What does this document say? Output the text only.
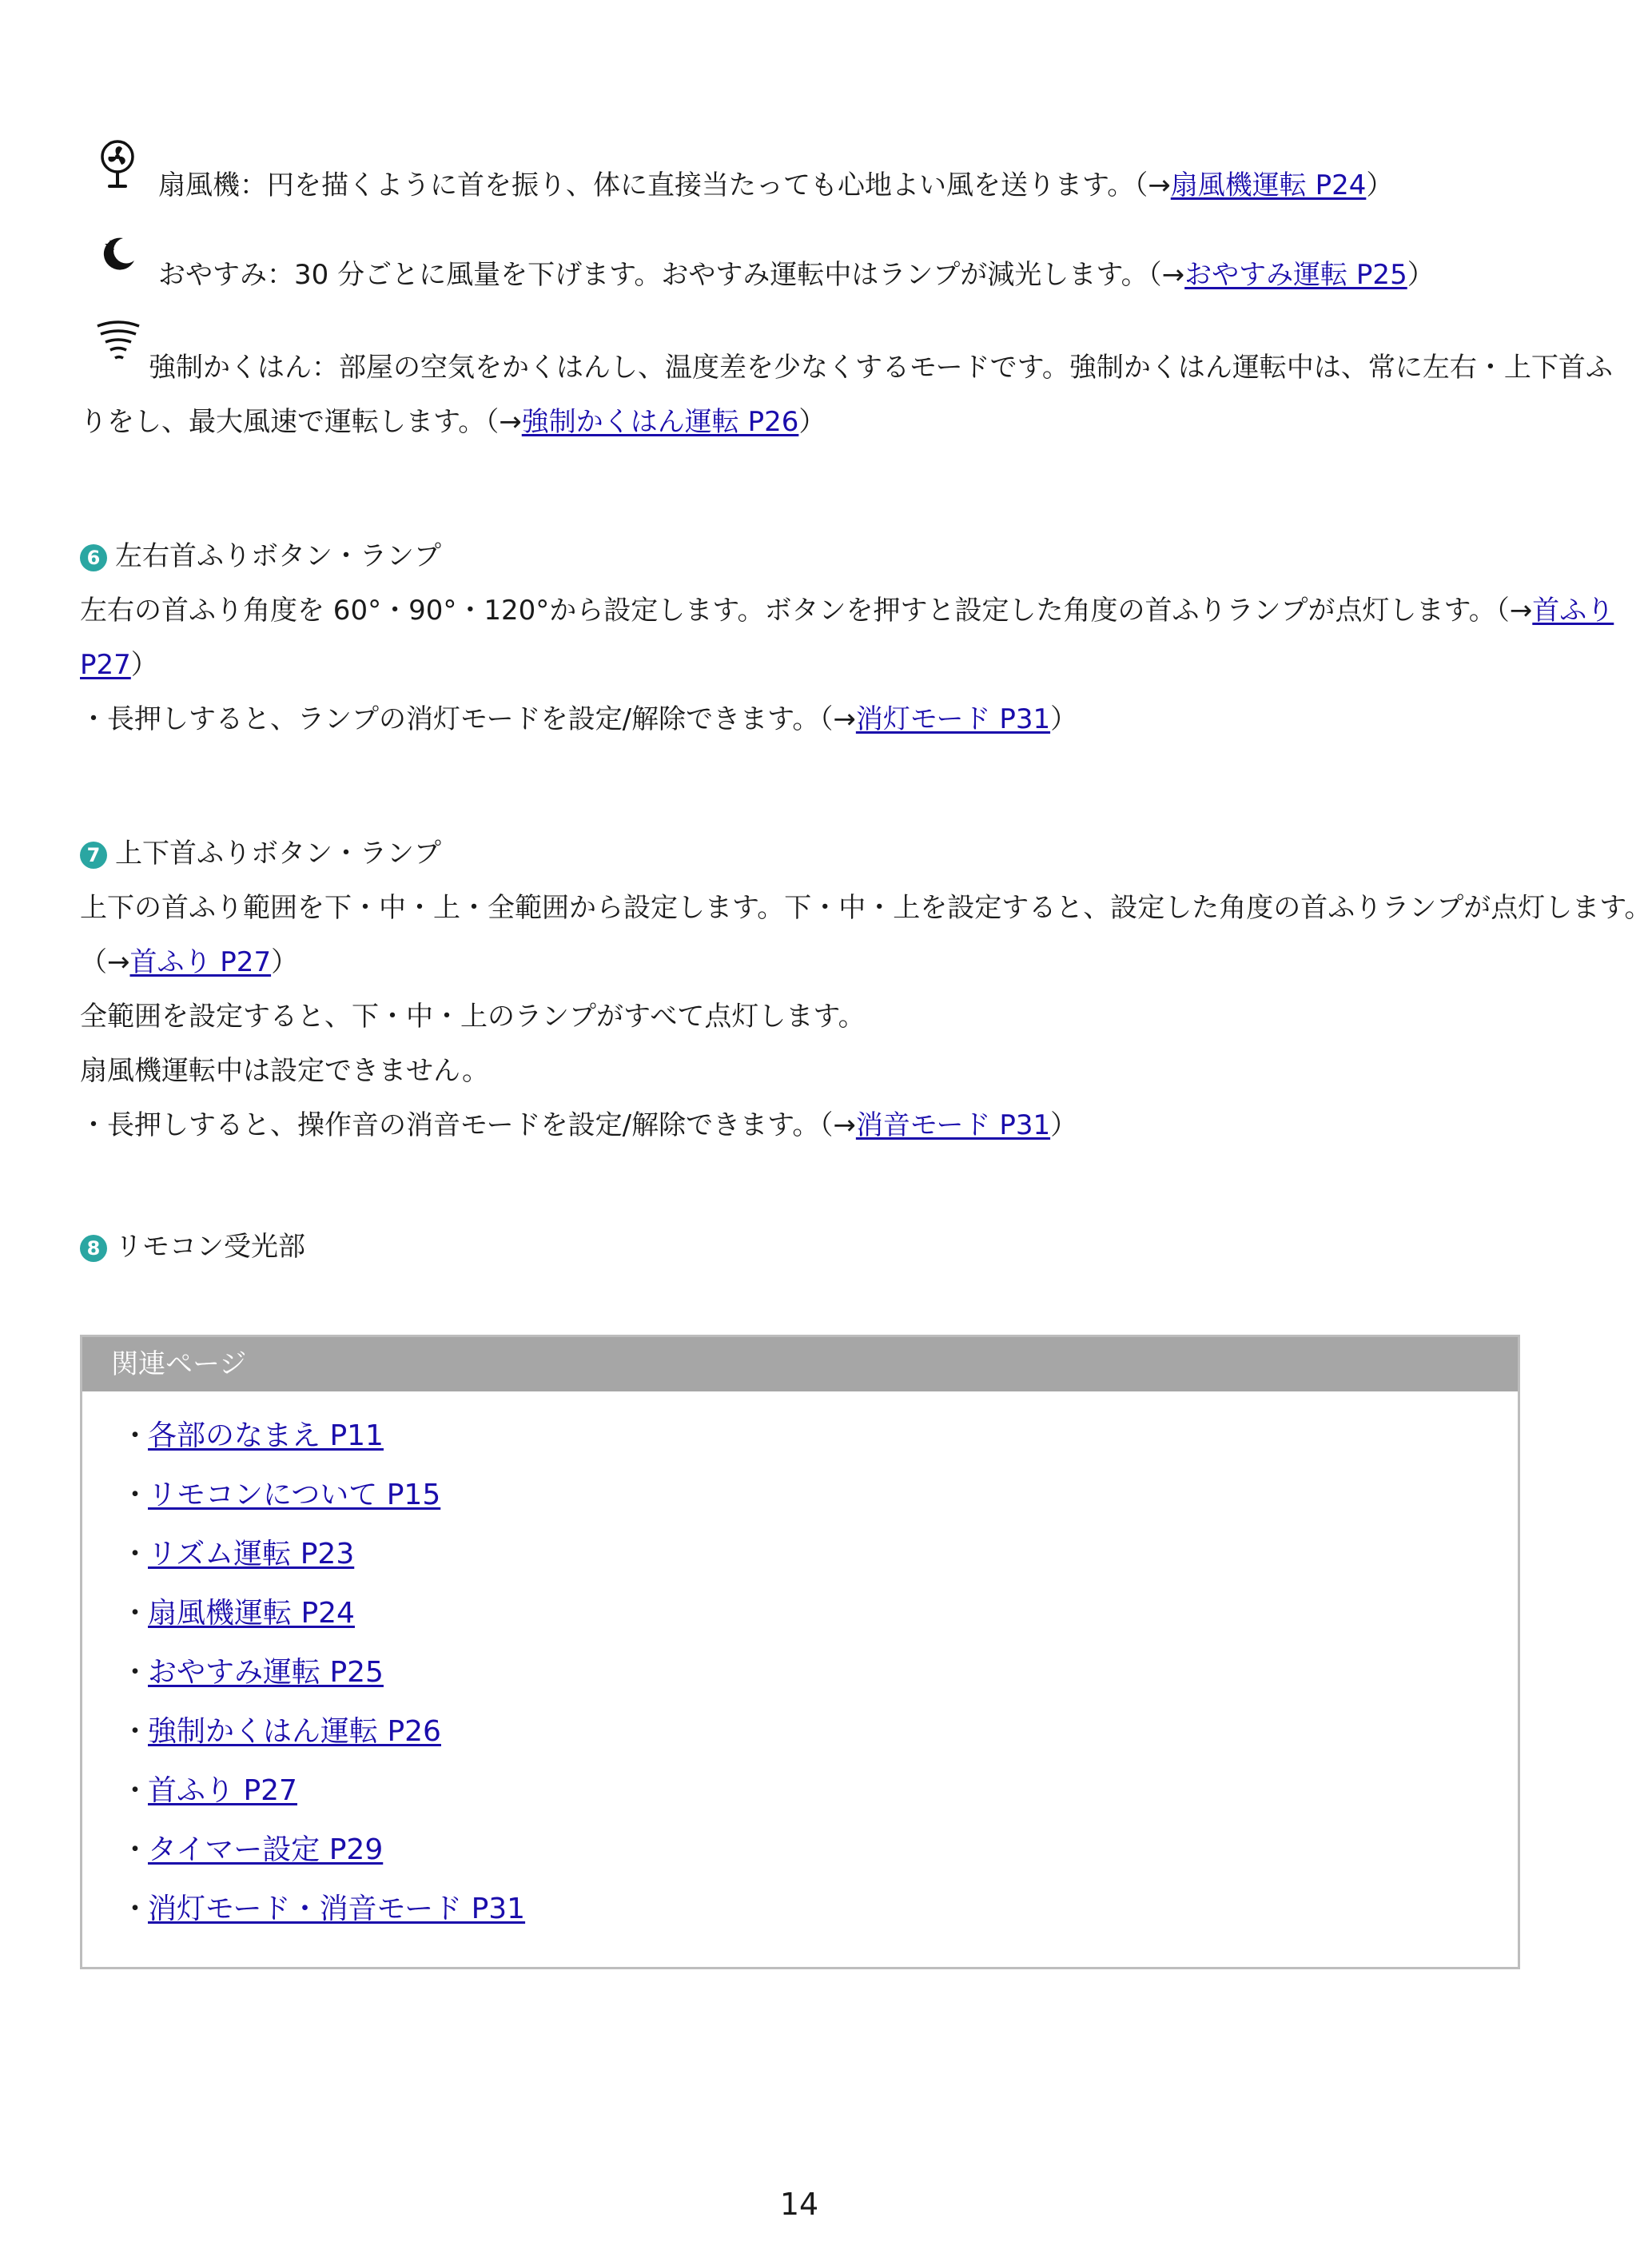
扇風機：円を描くように首を振り、体に直接当たっても心地よい風を送ります。（→扇風機運転 P24）
おやすみ：30 分ごとに風量を下げます。おやすみ運転中はランプが減光します。（→おやすみ運転 P25）
強制かくはん：部屋の空気をかくはんし、温度差を少なくするモードです。強制かくはん運転中は、常に左右・上下首ふ
りをし、最大風速で運転します。（→強制かくはん運転 P26）
6 左右首ふりボタン・ランプ
左右の首ふり角度を 60°・90°・120°から設定します。ボタンを押すと設定した角度の首ふりランプが点灯します。（→首ふり
P27）
・長押しすると、ランプの消灯モードを設定/解除できます。（→消灯モード P31）
7 上下首ふりボタン・ランプ
上下の首ふり範囲を下・中・上・全範囲から設定します。下・中・上を設定すると、設定した角度の首ふりランプが点灯します。
（→首ふり P27）
全範囲を設定すると、下・中・上のランプがすべて点灯します。
扇風機運転中は設定できません。
・長押しすると、操作音の消音モードを設定/解除できます。（→消音モード P31）
8 リモコン受光部
関連ページ
・各部のなまえ P11
・リモコンについて P15
・リズム運転 P23
・扇風機運転 P24
・おやすみ運転 P25
・強制かくはん運転 P26
・首ふり P27
・タイマー設定 P29
・消灯モード・消音モード P31
14
